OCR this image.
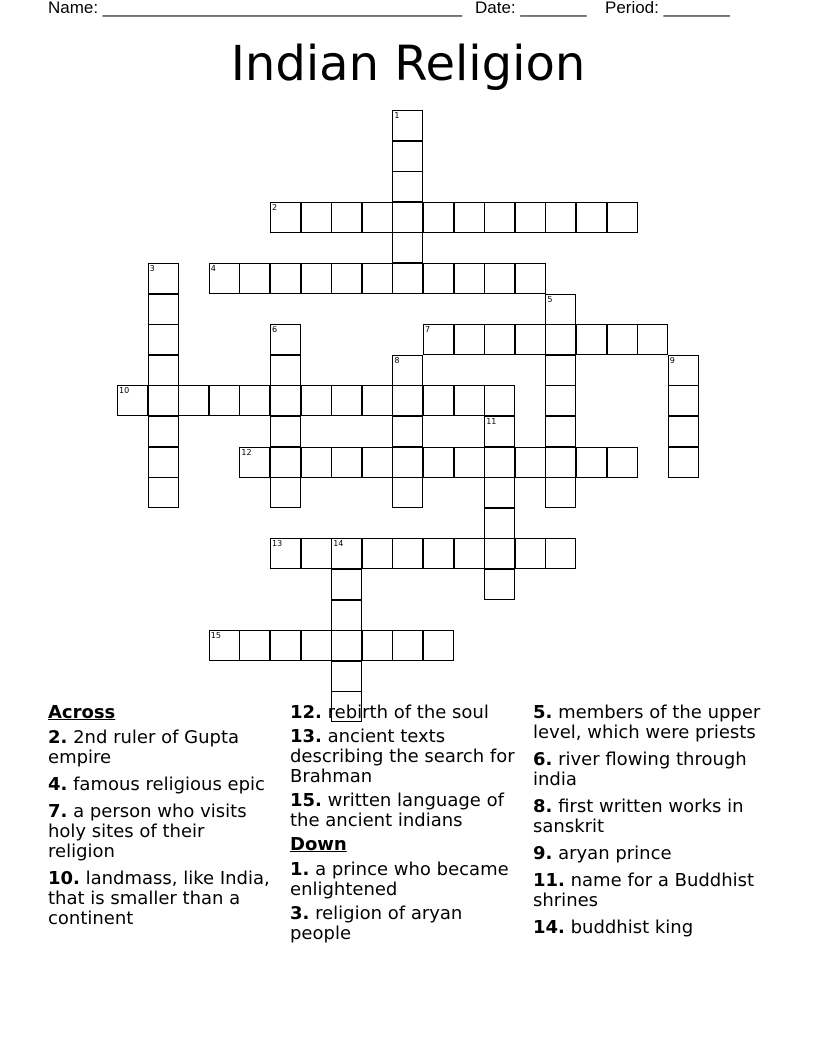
Name: ______________________________________ Date: _______ Period: _______
Indian Religion
1
2
3	4
5
6	7
8	9
10
11
12
13	14
15
Across
2. 2nd ruler of Gupta empire
4. famous religious epic
7. a person who visits holy sites of their religion
10. landmass, like India, that is smaller than a continent
12. rebirth of the soul
13. ancient texts describing the search for Brahman
15. written language of the ancient indians
Down
1. a prince who became enlightened
3. religion of aryan people
5. members of the upper level, which were priests
6. river flowing through india
8. first written works in sanskrit
9. aryan prince
11. name for a Buddhist shrines
14. buddhist king
